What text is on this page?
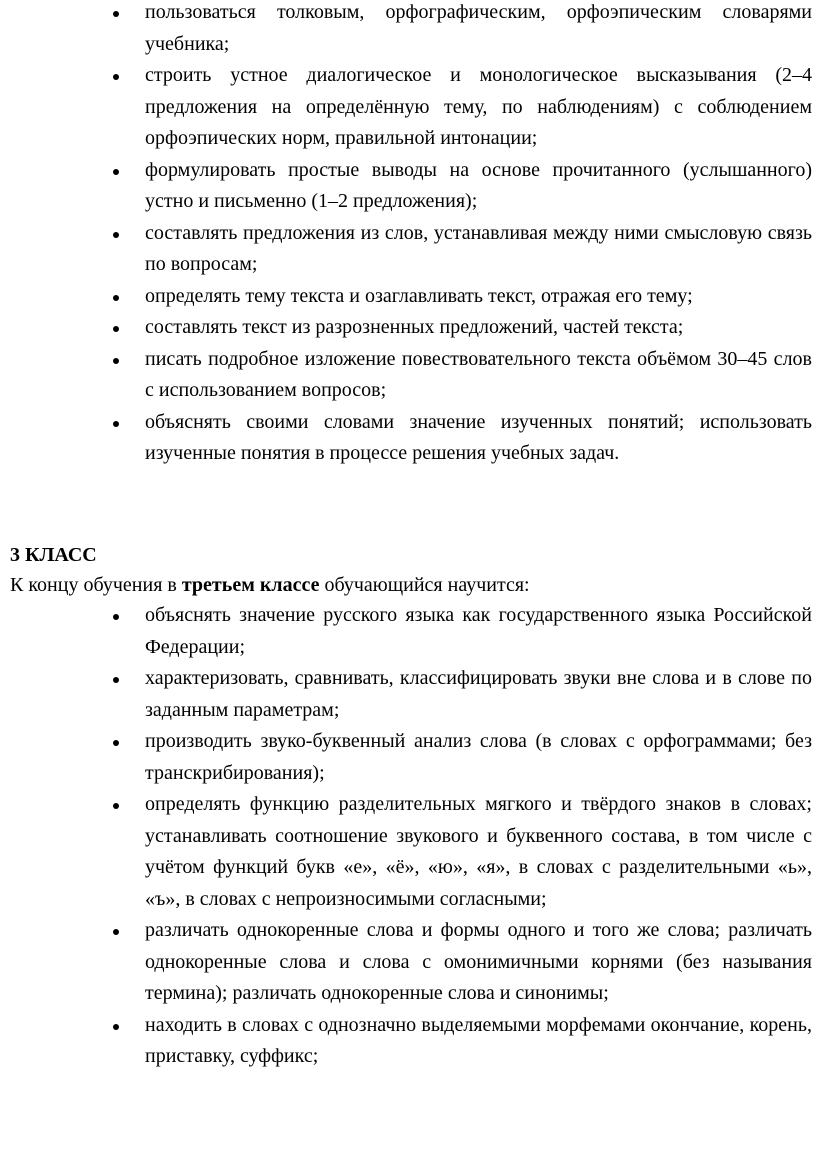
пользоваться толковым, орфографическим, орфоэпическим словарями учебника;
строить устное диалогическое и монологическое высказывания (2–4 предложения на определённую тему, по наблюдениям) с соблюдением орфоэпических норм, правильной интонации;
формулировать простые выводы на основе прочитанного (услышанного) устно и письменно (1–2 предложения);
составлять предложения из слов, устанавливая между ними смысловую связь по вопросам;
определять тему текста и озаглавливать текст, отражая его тему;
составлять текст из разрозненных предложений, частей текста;
писать подробное изложение повествовательного текста объёмом 30–45 слов с использованием вопросов;
объяснять своими словами значение изученных понятий; использовать изученные понятия в процессе решения учебных задач.
3 КЛАСС
К концу обучения в третьем классе обучающийся научится:
объяснять значение русского языка как государственного языка Российской Федерации;
характеризовать, сравнивать, классифицировать звуки вне слова и в слове по заданным параметрам;
производить звуко-буквенный анализ слова (в словах с орфограммами; без транскрибирования);
определять функцию разделительных мягкого и твёрдого знаков в словах; устанавливать соотношение звукового и буквенного состава, в том числе с учётом функций букв «е», «ё», «ю», «я», в словах с разделительными «ь», «ъ», в словах с непроизносимыми согласными;
различать однокоренные слова и формы одного и того же слова; различать однокоренные слова и слова с омонимичными корнями (без называния термина); различать однокоренные слова и синонимы;
находить в словах с однозначно выделяемыми морфемами окончание, корень, приставку, суффикс;
